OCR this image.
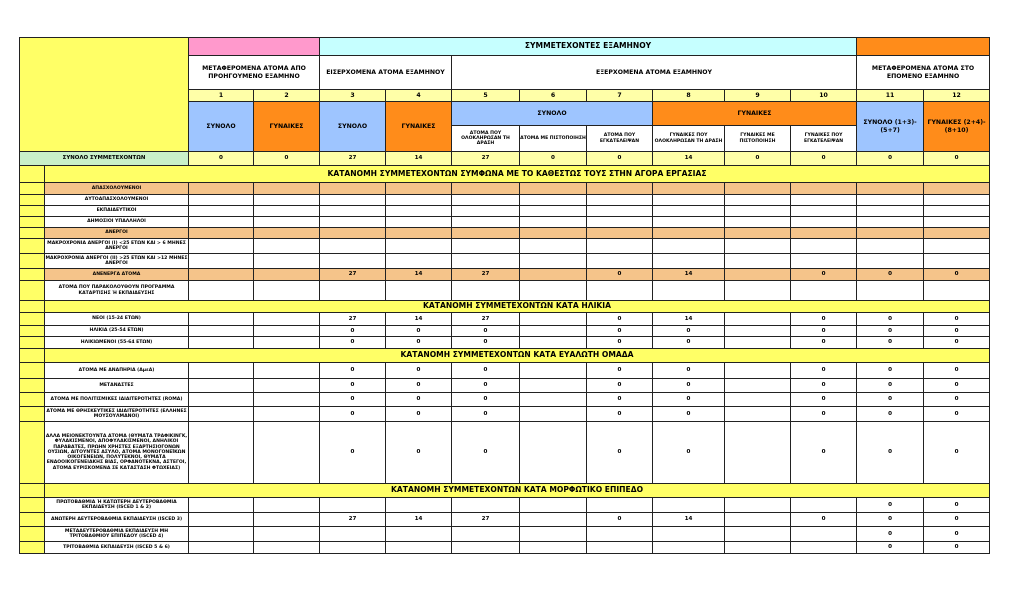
				ΣΥΜΜΕΤΕΧΟΝΤΕΣ ΕΞΑΜΗΝΟΥ									
		ΜΕΤΑΦΕΡΟΜΕΝΑ ΑΤΟΜΑ ΑΠΟ ΠΡΟΗΓΟΥΜΕΝΟ ΕΞΑΜΗΝΟ		ΕΙΣΕΡΧΟΜΕΝΑ ΑΤΟΜΑ ΕΞΑΜΗΝΟΥ		ΕΞΕΡΧΟΜΕΝΑ ΑΤΟΜΑ ΕΞΑΜΗΝΟΥ						ΜΕΤΑΦΕΡΟΜΕΝΑ ΑΤΟΜΑ ΣΤΟ ΕΠΟΜΕΝΟ ΕΞΑΜΗΝΟ	
		1	2	3	4	5	6	7	8	9	10	11	12
		ΣΥΝΟΛΟ	ΓΥΝΑΙΚΕΣ	ΣΥΝΟΛΟ	ΓΥΝΑΙΚΕΣ	ΣΥΝΟΛΟ			ΓΥΝΑΙΚΕΣ			ΣΥΝΟΛΟ (1+3)-(5+7)	ΓΥΝΑΙΚΕΣ (2+4)-(8+10)
						ΑΤΟΜΑ ΠΟΥ ΟΛΟΚΛΗΡΩΣΑΝ ΤΗ ΔΡΑΣΗ	ΑΤΟΜΑ ΜΕ ΠΙΣΤΟΠΟΙΗΣΗ	ΑΤΟΜΑ ΠΟΥ ΕΓΚΑΤΕΛΕΙΨΑΝ	ΓΥΝΑΙΚΕΣ ΠΟΥ ΟΛΟΚΛΗΡΩΣΑΝ ΤΗ ΔΡΑΣΗ	ΓΥΝΑΙΚΕΣ ΜΕ ΠΙΣΤΟΠΟΙΗΣΗ	ΓΥΝΑΙΚΕΣ ΠΟΥ ΕΓΚΑΤΕΛΕΙΨΑΝ		
ΣΥΝΟΛΟ ΣΥΜΜΕΤΕΧΟΝΤΩΝ		0	0	27	14	27	0	0	14	0	0	0	0
	ΚΑΤΑΝΟΜΗ ΣΥΜΜΕΤΕΧΟΝΤΩΝ ΣΥΜΦΩΝΑ ΜΕ ΤΟ ΚΑΘΕΣΤΩΣ ΤΟΥΣ ΣΤΗΝ ΑΓΟΡΑ ΕΡΓΑΣΙΑΣ												
	ΑΠΑΣΧΟΛΟΥΜΕΝΟΙ												
	ΑΥΤΟΑΠΑΣΧΟΛΟΥΜΕΝΟΙ												
	ΕΚΠΑΙΔΕΥΤΙΚΟΙ												
	ΔΗΜΟΣΙΟΙ ΥΠΑΛΛΗΛΟΙ												
	ΑΝΕΡΓΟΙ												
	ΜΑΚΡΟΧΡΟΝΙΑ ΑΝΕΡΓΟΙ (Ι) <25 ΕΤΩΝ ΚΑΙ > 6 ΜΗΝΕΣ ΑΝΕΡΓΟΙ												
	ΜΑΚΡΟΧΡΟΝΙΑ ΑΝΕΡΓΟΙ (ΙΙ) >25 ΕΤΩΝ ΚΑΙ >12 ΜΗΝΕΣ ΑΝΕΡΓΟΙ												
	ΑΝΕΝΕΡΓΑ ΑΤΟΜΑ			27	14	27		0	14		0	0	0
	ΑΤΟΜΑ ΠΟΥ ΠΑΡΑΚΟΛΟΥΘΟΥΝ ΠΡΟΓΡΑΜΜΑ ΚΑΤΑΡΤΙΣΗΣ Ή ΕΚΠΑΙΔΕΥΣΗΣ												
	ΚΑΤΑΝΟΜΗ ΣΥΜΜΕΤΕΧΟΝΤΩΝ ΚΑΤΑ ΗΛΙΚΙΑ												
	ΝΕΟΙ (15-24 ΕΤΩΝ)			27	14	27		0	14		0	0	0
	ΗΛΙΚΙΑ (25-54 ΕΤΩΝ)			0	0	0		0	0		0	0	0
	ΗΛΙΚΙΩΜΕΝΟΙ (55-64 ΕΤΩΝ)			0	0	0		0	0		0	0	0
	ΚΑΤΑΝΟΜΗ ΣΥΜΜΕΤΕΧΟΝΤΩΝ ΚΑΤΑ ΕΥΑΛΩΤΗ ΟΜΑΔΑ												
	ΑΤΟΜΑ ΜΕ ΑΝΑΠΗΡΙΑ (ΑμεΑ)			0	0	0		0	0		0	0	0
	ΜΕΤΑΝΑΣΤΕΣ			0	0	0		0	0		0	0	0
	ΑΤΟΜΑ ΜΕ ΠΟΛΙΤΙΣΜΙΚΕΣ ΙΔΙΑΙΤΕΡΟΤΗΤΕΣ (ROMA)			0	0	0		0	0		0	0	0
	ΑΤΟΜΑ ΜΕ ΘΡΗΣΚΕΥΤΙΚΕΣ ΙΔΙΑΙΤΕΡΟΤΗΤΕΣ (ΕΛΛΗΝΕΣ ΜΟΥΣΟΥΛΜΑΝΟΙ)			0	0	0		0	0		0	0	0
	ΑΛΛΑ ΜΕΙΟΝΕΚΤΟΥΝΤΑ ΑΤΟΜΑ (ΘΥΜΑΤΑ ΤΡΑΦΙΚΙΝΓΚ, ΦΥΛΑΚΙΣΜΕΝΟΙ, ΑΠΟΦΥΛΑΚΙΣΜΕΝΟΙ, ΑΝΗΛΙΚΟΙ ΠΑΡΑΒΑΤΕΣ, ΠΡΩΗΝ ΧΡΗΣΤΕΣ ΕΞΑΡΤΗΣΙΟΓΟΝΩΝ ΟΥΣΙΩΝ, ΑΙΤΟΥΝΤΕΣ ΑΣΥΛΟ, ΑΤΟΜΑ ΜΟΝΟΓΟΝΕΪΚΩΝ ΟΙΚΟΓΕΝΕΙΩΝ, ΠΟΛΥΤΕΚΝΟΙ, ΘΥΜΑΤΑ ΕΝΔΟΟΙΚΟΓΕΝΕΙΑΚΗΣ ΒΙΑΣ, ΟΡΦΑΝΟΤΕΚΝΑ, ΑΣΤΕΓΟΙ, ΑΤΟΜΑ ΕΥΡΙΣΚΟΜΕΝΑ ΣΕ ΚΑΤΑΣΤΑΣΗ ΦΤΩΧΕΙΑΣ)			0	0	0		0	0		0	0	0
	ΚΑΤΑΝΟΜΗ ΣΥΜΜΕΤΕΧΟΝΤΩΝ ΚΑΤΑ ΜΟΡΦΩΤΙΚΟ ΕΠΙΠΕΔΟ												
	ΠΡΩΤΟΒΑΘΜΙΑ Ή ΚΑΤΩΤΕΡΗ ΔΕΥΤΕΡΟΒΑΘΜΙΑ ΕΚΠΑΙΔΕΥΣΗ (ISCED 1 & 2)											0	0
	ΑΝΩΤΕΡΗ ΔΕΥΤΕΡΟΒΑΘΜΙΑ ΕΚΠΑΙΔΕΥΣΗ (ISCED 3)			27	14	27		0	14		0	0	0
	ΜΕΤΑΔΕΥΤΕΡΟΒΑΘΜΙΑ ΕΚΠΑΙΔΕΥΣΗ ΜΗ ΤΡΙΤΟΒΑΘΜΙΟΥ ΕΠΙΠΕΔΟΥ (ISCED 4)											0	0
	ΤΡΙΤΟΒΑΘΜΙΑ ΕΚΠΑΙΔΕΥΣΗ (ISCED 5 & 6)											0	0
